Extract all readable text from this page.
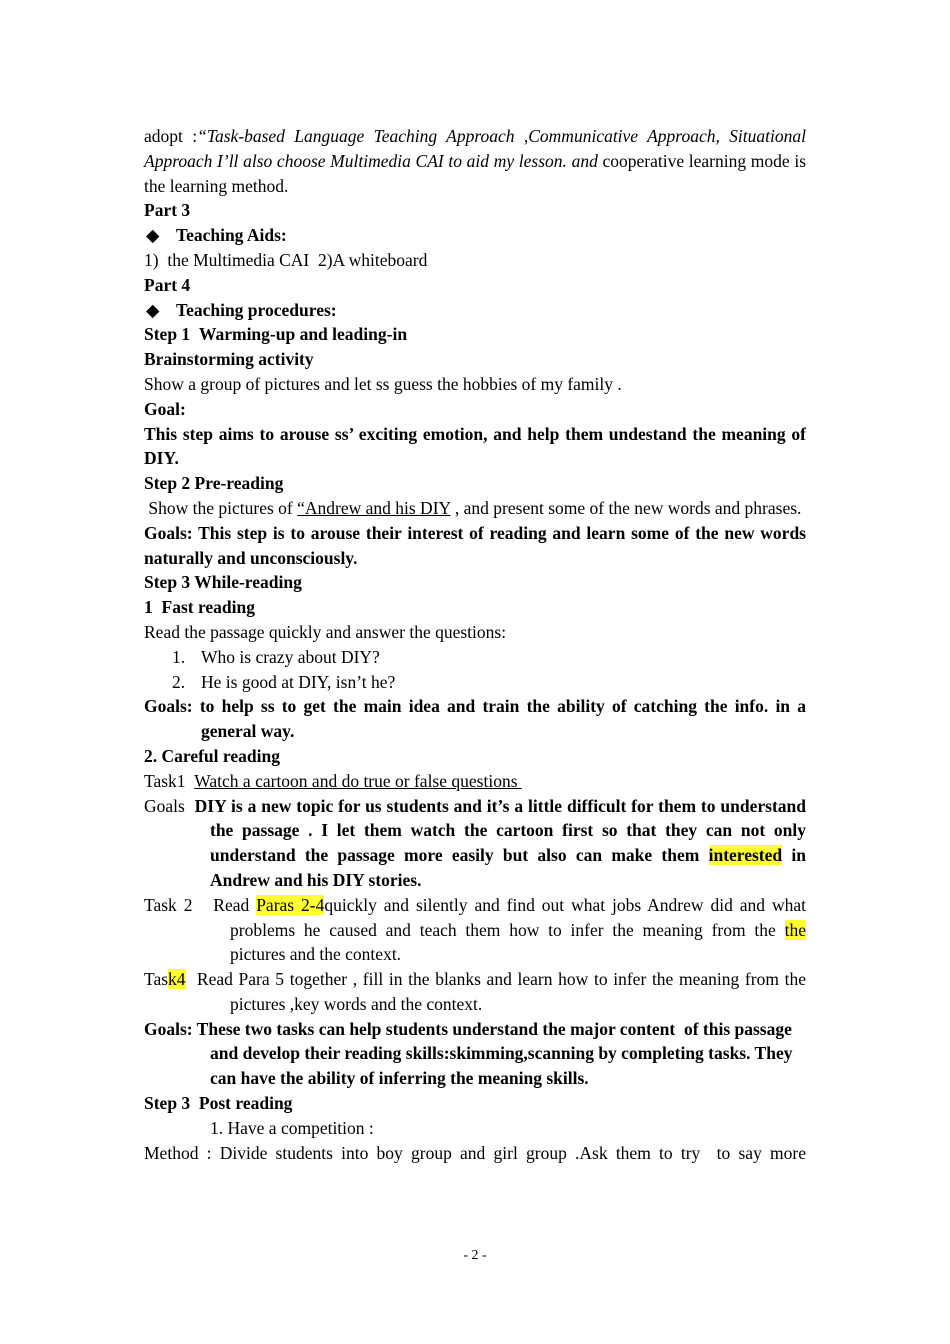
adopt :“Task-based Language Teaching Approach ,Communicative Approach, Situational Approach I’ll also choose Multimedia CAI to aid my lesson. and cooperative learning mode is the learning method.

Part 3

◆ Teaching Aids:

1)  the Multimedia CAI  2)A whiteboard

Part 4

◆ Teaching procedures:

Step 1  Warming-up and leading-in

Brainstorming activity

Show a group of pictures and let ss guess the hobbies of my family .

Goal:

This step aims to arouse ss’ exciting emotion, and help them undestand the meaning of DIY.

Step 2 Pre-reading

Show the pictures of “Andrew and his DIY , and present some of the new words and phrases.

Goals: This step is to arouse their interest of reading and learn some of the new words naturally and unconsciously.

Step 3 While-reading

1  Fast reading

Read the passage quickly and answer the questions:

1. Who is crazy about DIY?

2. He is good at DIY, isn’t he?

Goals: to help ss to get the main idea and train the ability of catching the info. in a general way.

2. Careful reading

Task1  Watch a cartoon and do true or false questions

Goals  DIY is a new topic for us students and it’s a little difficult for them to understand the passage . I let them watch the cartoon first so that they can not only understand the passage more easily but also can make them interested in Andrew and his DIY stories.

Task 2   Read Paras 2-4quickly and silently and find out what jobs Andrew did and what problems he caused and teach them how to infer the meaning from the the pictures and the context.

Task4  Read Para 5 together , fill in the blanks and learn how to infer the meaning from the pictures ,key words and the context.

Goals: These two tasks can help students understand the major content  of this passage and develop their reading skills:skimming,scanning by completing tasks. They can have the ability of inferring the meaning skills.

Step 3  Post reading

1. Have a competition :

Method : Divide students into boy group and girl group .Ask them to try  to say more

- 2 -
